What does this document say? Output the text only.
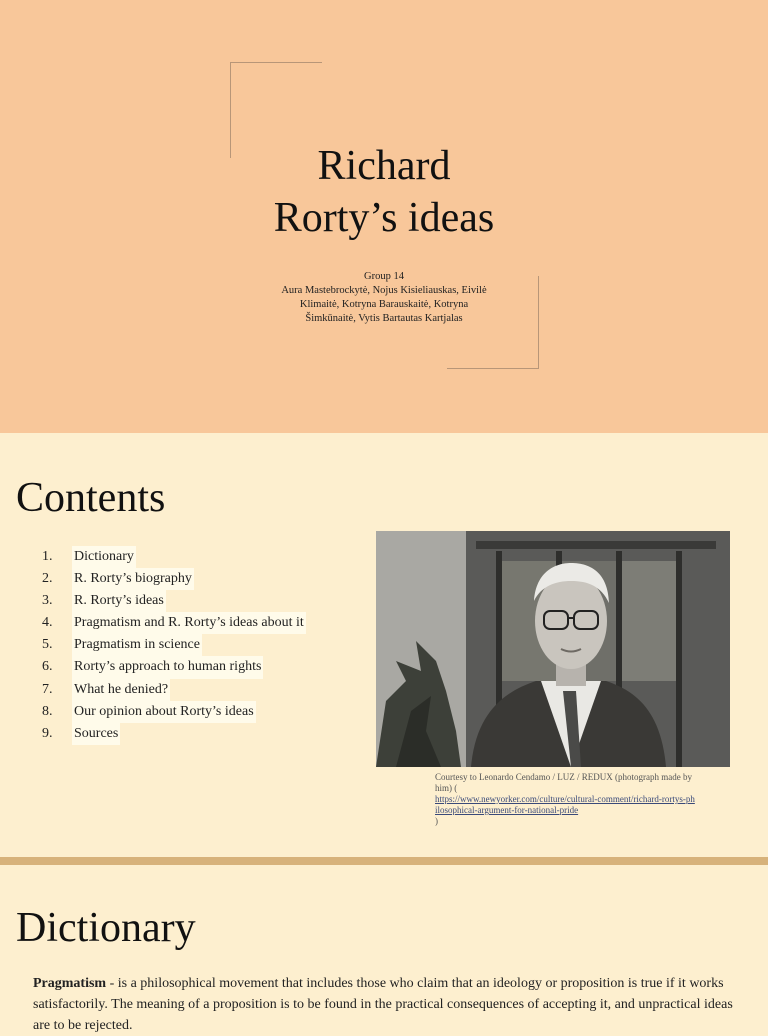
Richard
Rorty’s ideas
Group 14
Aura Mastebrockytė, Nojus Kisieliauskas, Eivilė
Klimaitė, Kotryna Barauskaitė, Kotryna
Šimkūnaitė, Vytis Bartautas Kartjalas
Contents
1.	Dictionary
2.	R. Rorty’s biography
3.	R. Rorty’s ideas
4.	Pragmatism and R. Rorty’s ideas about it
5.	Pragmatism in science
6.	Rorty’s approach to human rights
7.	What he denied?
8.	Our opinion about Rorty’s ideas
9.	Sources
Courtesy to Leonardo Cendamo / LUZ / REDUX (photograph made by him) (
https://www.newyorker.com/culture/cultural-comment/richard-rortys-philosophical-argument-for-national-pride
)
Dictionary
Pragmatism - is a philosophical movement that includes those who claim that an ideology or proposition is true if it works satisfactorily. The meaning of a proposition is to be found in the practical consequences of accepting it, and unpractical ideas are to be rejected.
